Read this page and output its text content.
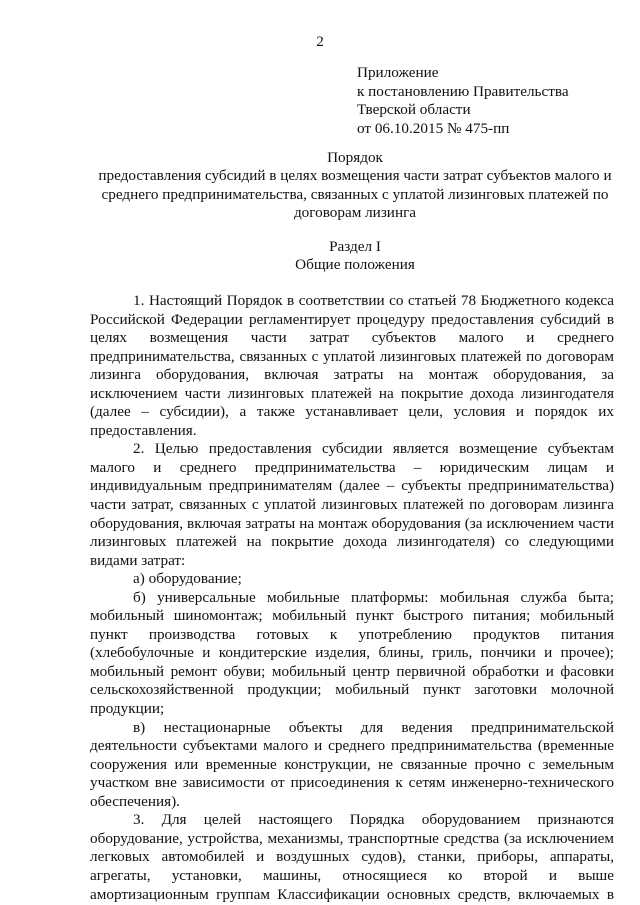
2
Приложение
к постановлению Правительства
Тверской области
от 06.10.2015 № 475-пп
Порядок
предоставления субсидий в целях возмещения части затрат субъектов малого и
среднего предпринимательства, связанных с уплатой лизинговых платежей по
договорам лизинга
Раздел I
Общие положения

1. Настоящий Порядок в соответствии со статьей 78 Бюджетного кодекса Российской Федерации регламентирует процедуру предоставления субсидий в целях возмещения части затрат субъектов малого и среднего предпринимательства, связанных с уплатой лизинговых платежей по договорам лизинга оборудования, включая затраты на монтаж оборудования, за исключением части лизинговых платежей на покрытие дохода лизингодателя (далее – субсидии), а также устанавливает цели, условия и порядок их предоставления.

2. Целью предоставления субсидии является возмещение субъектам малого и среднего предпринимательства – юридическим лицам и индивидуальным предпринимателям (далее – субъекты предпринимательства) части затрат, связанных с уплатой лизинговых платежей по договорам лизинга оборудования, включая затраты на монтаж оборудования (за исключением части лизинговых платежей на покрытие дохода лизингодателя) со следующими видами затрат:

а) оборудование;

б) универсальные мобильные платформы: мобильная служба быта; мобильный шиномонтаж; мобильный пункт быстрого питания; мобильный пункт производства готовых к употреблению продуктов питания (хлебобулочные и кондитерские изделия, блины, гриль, пончики и прочее); мобильный ремонт обуви; мобильный центр первичной обработки и фасовки сельскохозяйственной продукции; мобильный пункт заготовки молочной продукции;

в) нестационарные объекты для ведения предпринимательской деятельности субъектами малого и среднего предпринимательства (временные сооружения или временные конструкции, не связанные прочно с земельным участком вне зависимости от присоединения к сетям инженерно-технического обеспечения).

3. Для целей настоящего Порядка оборудованием признаются оборудование, устройства, механизмы, транспортные средства (за исключением легковых автомобилей и воздушных судов), станки, приборы, аппараты, агрегаты, установки, машины, относящиеся ко второй и выше амортизационным группам Классификации основных средств, включаемых в
